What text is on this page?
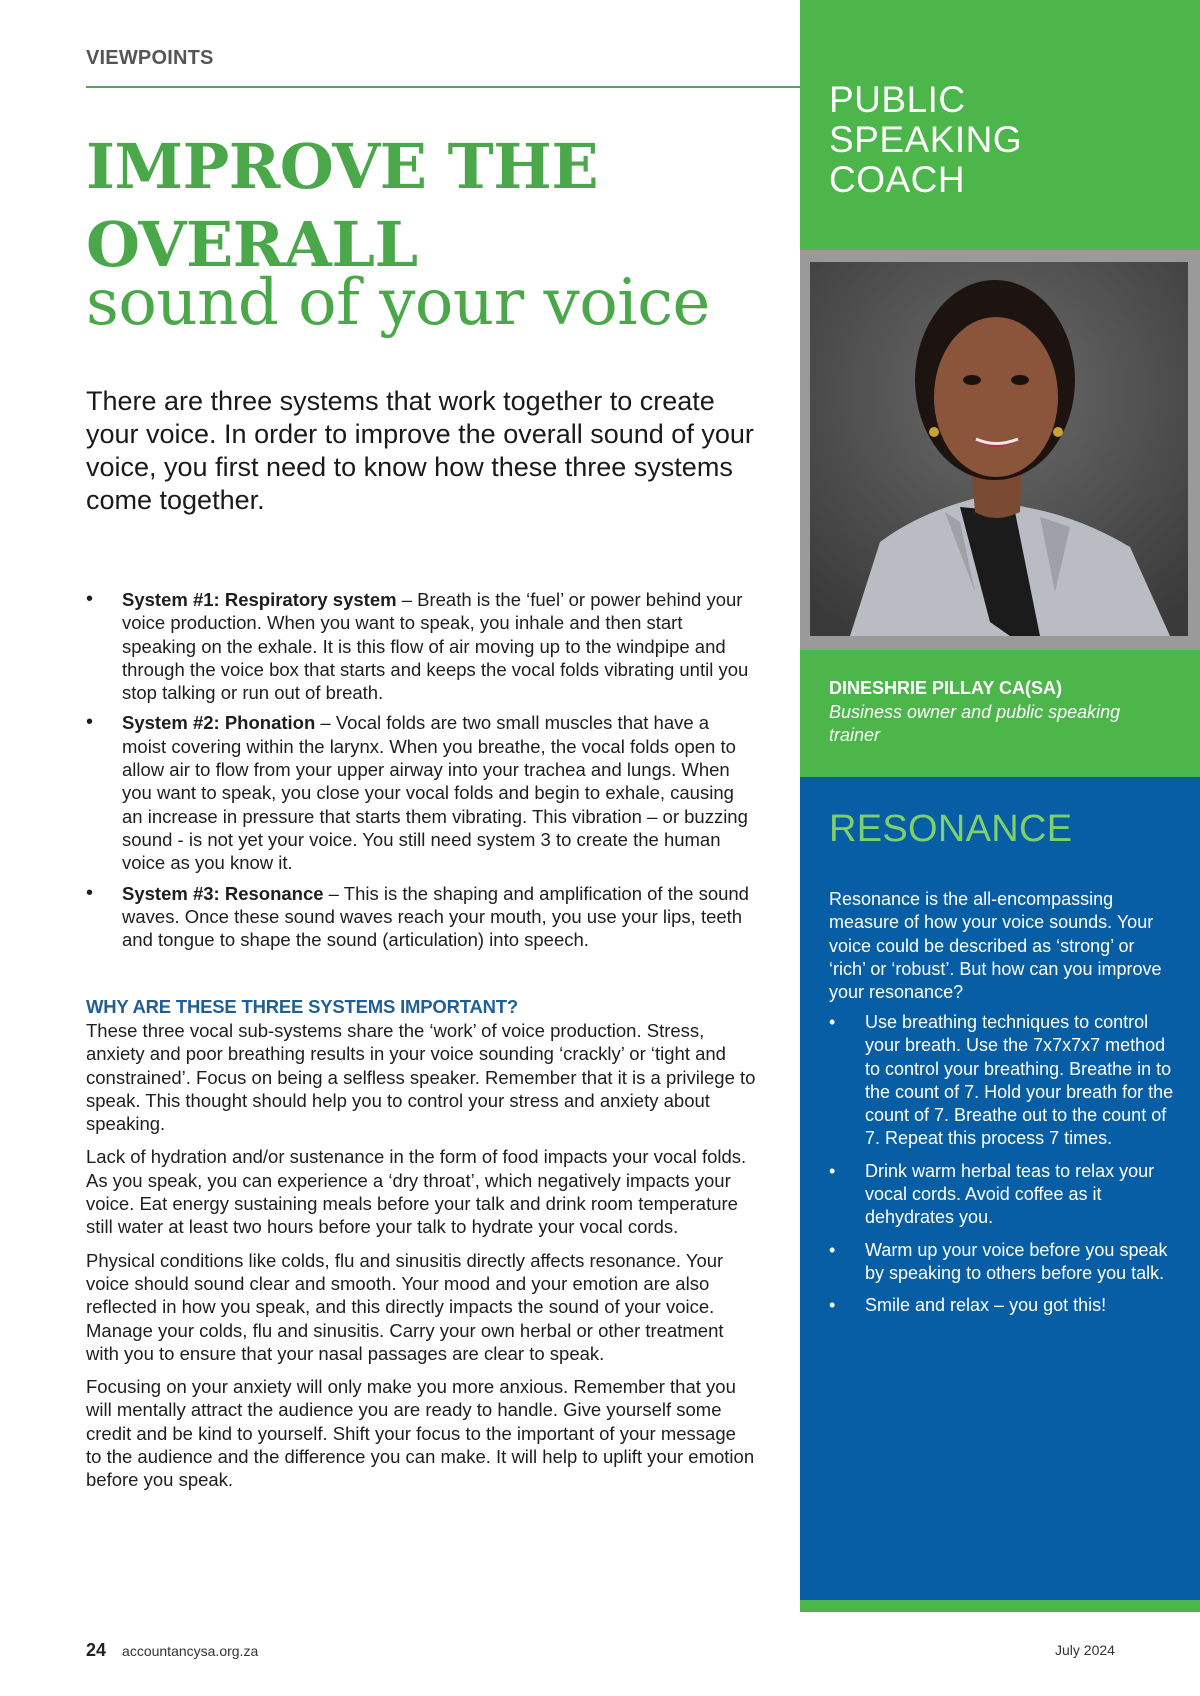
VIEWPOINTS
IMPROVE THE
OVERALL
sound of your voice

There are three systems that work together to create your voice. In order to improve the overall sound of your voice, you first need to know how these three systems come together.

• System #1: Respiratory system – Breath is the ‘fuel’ or power behind your voice production. When you want to speak, you inhale and then start speaking on the exhale. It is this flow of air moving up to the windpipe and through the voice box that starts and keeps the vocal folds vibrating until you stop talking or run out of breath.
• System #2: Phonation – Vocal folds are two small muscles that have a moist covering within the larynx. When you breathe, the vocal folds open to allow air to flow from your upper airway into your trachea and lungs. When you want to speak, you close your vocal folds and begin to exhale, causing an increase in pressure that starts them vibrating. This vibration – or buzzing sound - is not yet your voice. You still need system 3 to create the human voice as you know it.
• System #3: Resonance – This is the shaping and amplification of the sound waves. Once these sound waves reach your mouth, you use your lips, teeth and tongue to shape the sound (articulation) into speech.
WHY ARE THESE THREE SYSTEMS IMPORTANT?

These three vocal sub-systems share the ‘work’ of voice production. Stress, anxiety and poor breathing results in your voice sounding ‘crackly’ or ‘tight and constrained’. Focus on being a selfless speaker. Remember that it is a privilege to speak. This thought should help you to control your stress and anxiety about speaking.

Lack of hydration and/or sustenance in the form of food impacts your vocal folds. As you speak, you can experience a ‘dry throat’, which negatively impacts your voice. Eat energy sustaining meals before your talk and drink room temperature still water at least two hours before your talk to hydrate your vocal cords.

Physical conditions like colds, flu and sinusitis directly affects resonance. Your voice should sound clear and smooth. Your mood and your emotion are also reflected in how you speak, and this directly impacts the sound of your voice. Manage your colds, flu and sinusitis. Carry your own herbal or other treatment with you to ensure that your nasal passages are clear to speak.

Focusing on your anxiety will only make you more anxious. Remember that you will mentally attract the audience you are ready to handle. Give yourself some credit and be kind to yourself. Shift your focus to the important of your message to the audience and the difference you can make. It will help to uplift your emotion before you speak.

PUBLIC
SPEAKING
COACH
DINESHRIE PILLAY CA(SA)
Business owner and public speaking trainer
RESONANCE

Resonance is the all-encompassing measure of how your voice sounds. Your voice could be described as ‘strong’ or ‘rich’ or ‘robust’. But how can you improve your resonance?

• Use breathing techniques to control your breath. Use the 7x7x7x7 method to control your breathing. Breathe in to the count of 7. Hold your breath for the count of 7. Breathe out to the count of 7. Repeat this process 7 times.
• Drink warm herbal teas to relax your vocal cords. Avoid coffee as it dehydrates you.
• Warm up your voice before you speak by speaking to others before you talk.
• Smile and relax – you got this!
24 accountancysa.org.za	July 2024
